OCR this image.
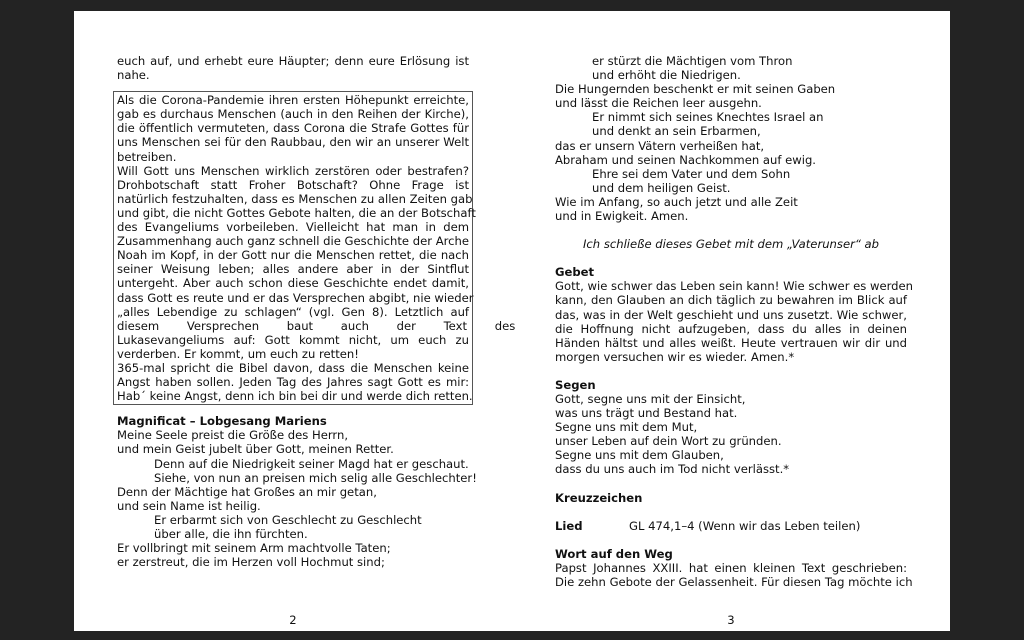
euch auf, und erhebt eure Häupter; denn eure Erlösung ist
nahe.
Als die Corona-Pandemie ihren ersten Höhepunkt erreichte,
gab es durchaus Menschen (auch in den Reihen der Kirche),
die öffentlich vermuteten, dass Corona die Strafe Gottes für
uns Menschen sei für den Raubbau, den wir an unserer Welt
betreiben.
Will Gott uns Menschen wirklich zerstören oder bestrafen?
Drohbotschaft statt Froher Botschaft? Ohne Frage ist
natürlich festzuhalten, dass es Menschen zu allen Zeiten gab
und gibt, die nicht Gottes Gebote halten, die an der Botschaft
des Evangeliums vorbeileben. Vielleicht hat man in dem
Zusammenhang auch ganz schnell die Geschichte der Arche
Noah im Kopf, in der Gott nur die Menschen rettet, die nach
seiner Weisung leben; alles andere aber in der Sintflut
untergeht. Aber auch schon diese Geschichte endet damit,
dass Gott es reute und er das Versprechen abgibt, nie wieder
„alles Lebendige zu schlagen“ (vgl. Gen 8). Letztlich auf
diesem Versprechen baut auch der Text des
Lukasevangeliums auf: Gott kommt nicht, um euch zu
verderben. Er kommt, um euch zu retten!
365-mal spricht die Bibel davon, dass die Menschen keine
Angst haben sollen. Jeden Tag des Jahres sagt Gott es mir:
Hab´ keine Angst, denn ich bin bei dir und werde dich retten.
Magnificat – Lobgesang Mariens
Meine Seele preist die Größe des Herrn,
und mein Geist jubelt über Gott, meinen Retter.
Denn auf die Niedrigkeit seiner Magd hat er geschaut.
Siehe, von nun an preisen mich selig alle Geschlechter!
Denn der Mächtige hat Großes an mir getan,
und sein Name ist heilig.
Er erbarmt sich von Geschlecht zu Geschlecht
über alle, die ihn fürchten.
Er vollbringt mit seinem Arm machtvolle Taten;
er zerstreut, die im Herzen voll Hochmut sind;
2
er stürzt die Mächtigen vom Thron
und erhöht die Niedrigen.
Die Hungernden beschenkt er mit seinen Gaben
und lässt die Reichen leer ausgehn.
Er nimmt sich seines Knechtes Israel an
und denkt an sein Erbarmen,
das er unsern Vätern verheißen hat,
Abraham und seinen Nachkommen auf ewig.
Ehre sei dem Vater und dem Sohn
und dem heiligen Geist.
Wie im Anfang, so auch jetzt und alle Zeit
und in Ewigkeit. Amen.
Ich schließe dieses Gebet mit dem „Vaterunser“ ab
Gebet
Gott, wie schwer das Leben sein kann! Wie schwer es werden
kann, den Glauben an dich täglich zu bewahren im Blick auf
das, was in der Welt geschieht und uns zusetzt. Wie schwer,
die Hoffnung nicht aufzugeben, dass du alles in deinen
Händen hältst und alles weißt. Heute vertrauen wir dir und
morgen versuchen wir es wieder. Amen.*
Segen
Gott, segne uns mit der Einsicht,
was uns trägt und Bestand hat.
Segne uns mit dem Mut,
unser Leben auf dein Wort zu gründen.
Segne uns mit dem Glauben,
dass du uns auch im Tod nicht verlässt.*
Kreuzzeichen
Lied	GL 474,1–4 (Wenn wir das Leben teilen)
Wort auf den Weg
Papst Johannes XXIII. hat einen kleinen Text geschrieben:
Die zehn Gebote der Gelassenheit. Für diesen Tag möchte ich
3
